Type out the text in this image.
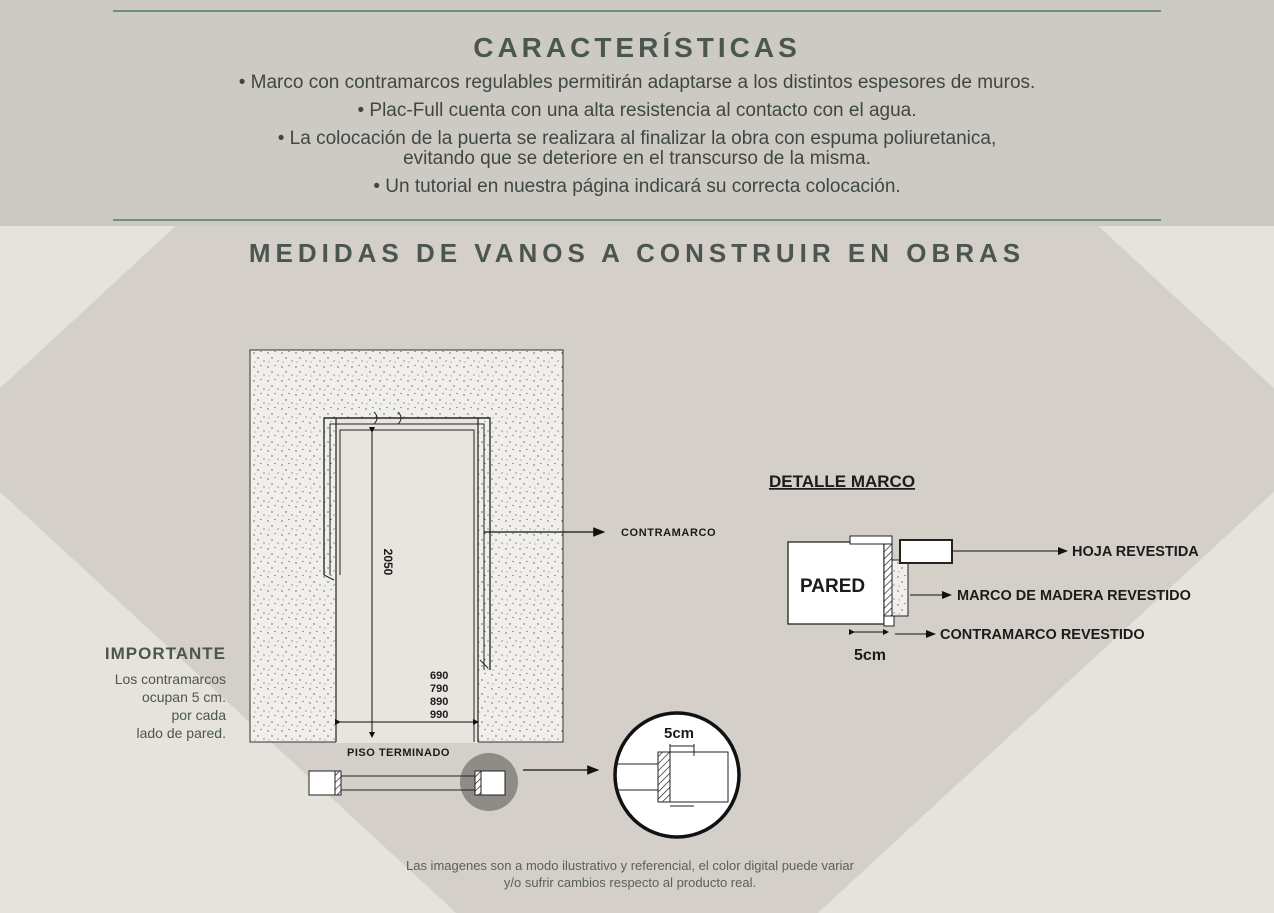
CARACTERÍSTICAS
• Marco con contramarcos regulables permitirán adaptarse a los distintos espesores de muros.
• Plac-Full cuenta con una alta resistencia al contacto con el agua.
• La colocación de la puerta se realizara al finalizar la obra con espuma poliuretanica,
evitando que se deteriore en el transcurso de la misma.
• Un tutorial en nuestra página indicará su correcta colocación.
MEDIDAS DE VANOS A CONSTRUIR EN OBRAS
2050
690
790
890
990
PISO TERMINADO
CONTRAMARCO
5cm
DETALLE MARCO
PARED
5cm
HOJA REVESTIDA
MARCO DE MADERA REVESTIDO
CONTRAMARCO REVESTIDO
IMPORTANTE
Los contramarcos
ocupan 5 cm.
por cada
lado de pared.
Las imagenes son a modo ilustrativo y referencial, el color digital puede variar
y/o sufrir cambios respecto al producto real.
